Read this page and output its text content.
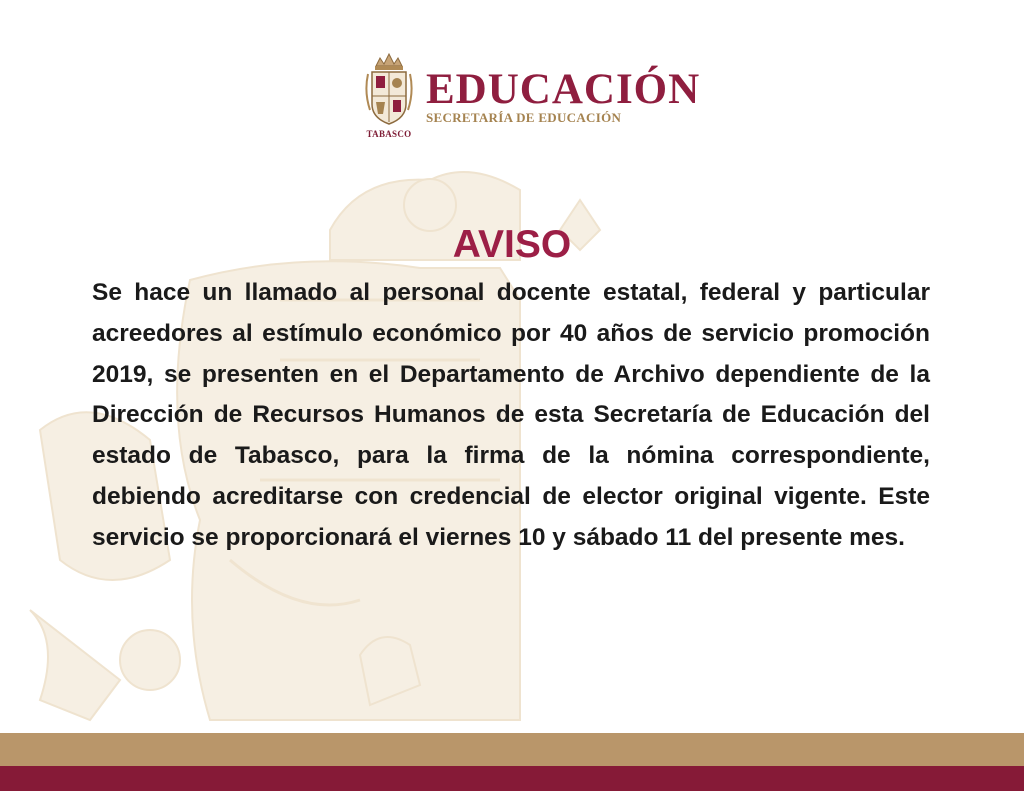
TABASCO
EDUCACIÓN
SECRETARÍA DE EDUCACIÓN
AVISO

Se hace un llamado al personal docente estatal, federal y particular acreedores al estímulo económico por 40 años de servicio promoción 2019, se presenten en el Departamento de Archivo dependiente de la Dirección de Recursos Humanos de esta Secretaría de Educación del estado de Tabasco, para la firma de la nómina correspondiente, debiendo acreditarse con credencial de elector original vigente. Este servicio se proporcionará el viernes 10 y sábado 11 del presente mes.
